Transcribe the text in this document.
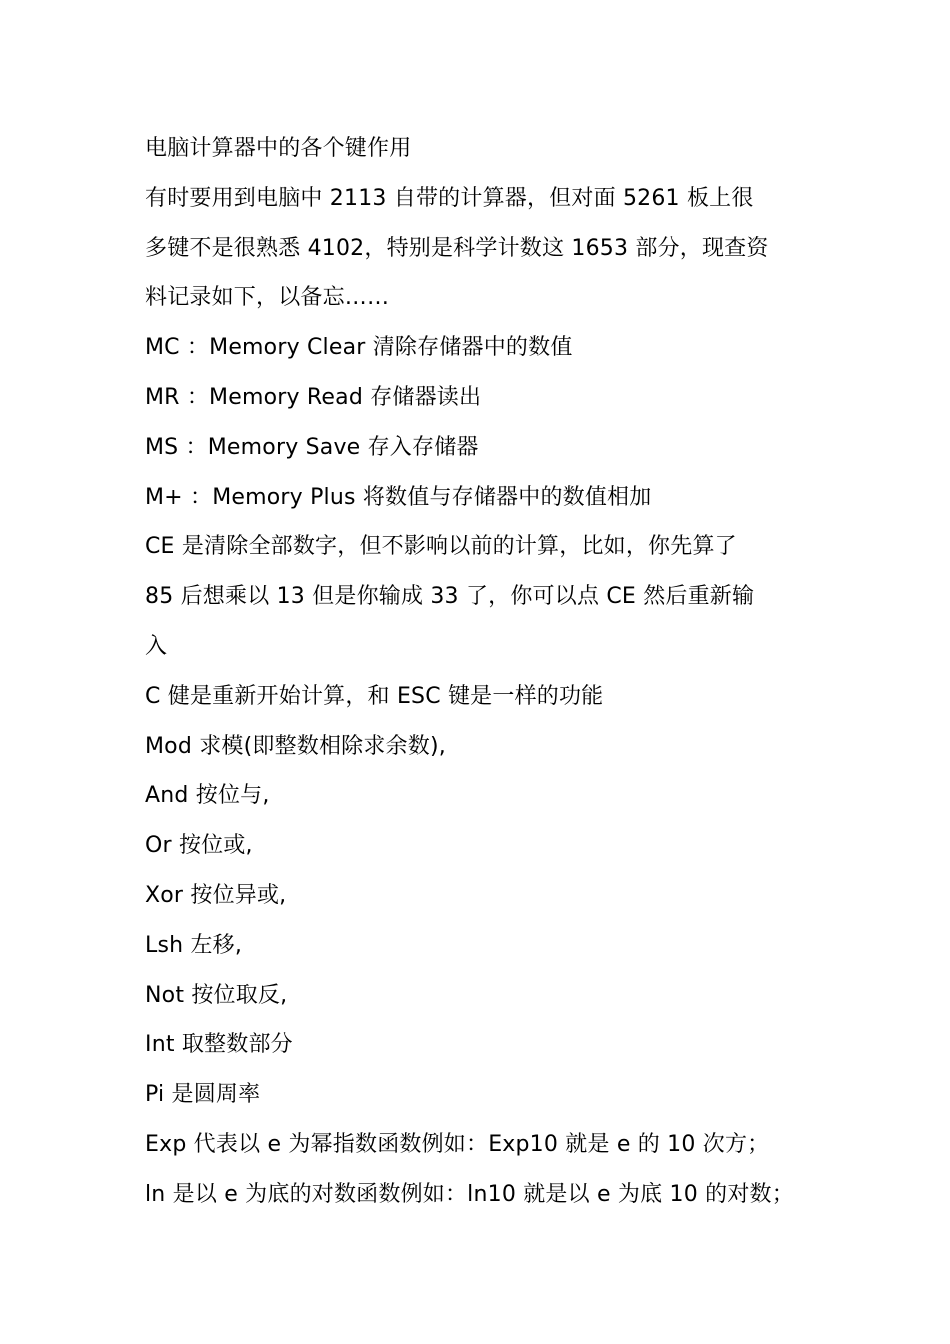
电脑计算器中的各个键作用
有时要用到电脑中 2113 自带的计算器，但对面 5261 板上很
多键不是很熟悉 4102，特别是科学计数这 1653 部分，现查资
料记录如下，以备忘……
MC ：Memory Clear 清除存储器中的数值
MR ：Memory Read 存储器读出
MS ：Memory Save 存入存储器
M+ ：Memory Plus 将数值与存储器中的数值相加
CE 是清除全部数字，但不影响以前的计算，比如，你先算了
85 后想乘以 13 但是你输成 33 了，你可以点 CE 然后重新输
入
C 健是重新开始计算，和 ESC 键是一样的功能
Mod 求模(即整数相除求余数),
And 按位与,
Or 按位或,
Xor 按位异或,
Lsh 左移,
Not 按位取反,
Int 取整数部分
Pi 是圆周率
Exp 代表以 e 为幂指数函数例如：Exp10 就是 e 的 10 次方；
ln 是以 e 为底的对数函数例如：ln10 就是以 e 为底 10 的对数；
